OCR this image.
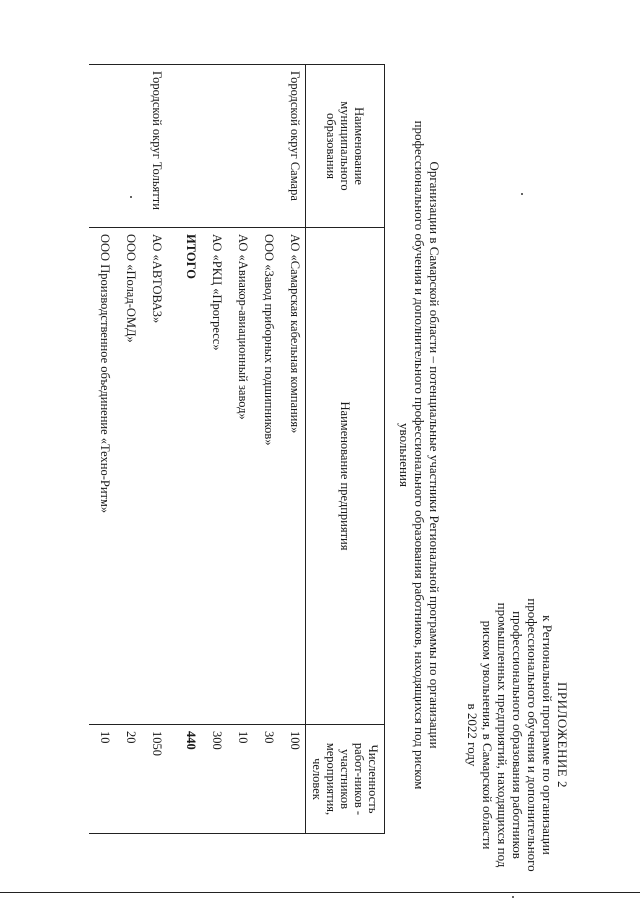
ПРИЛОЖЕНИЕ 2
к Региональной программе по организации
профессионального обучения и дополнительного
профессионального образования работников
промышленных предприятий, находящихся под
риском увольнения, в Самарской области
в 2022 году
Организации в Самарской области – потенциальные участники Региональной программы по организации
профессионального обучения и дополнительного профессионального образования работников, находящихся под риском
увольнения
Наименование муниципального образования	Наименование предприятия	Численность работ-ников - участников мероприятия, человек
Городской округ Самара	АО «Самарская кабельная компания»	100
	ООО «Завод приборных подшипников»	30
	АО «Авиакор-авиационный завод»	10
	АО «РКЦ «Прогресс»	300
	ИТОГО	440

Городской округ Тольятти	АО «АВТОВАЗ»	1050
	ООО «Полад-ОМД»	20
	ООО Производственное объединение «Техно-Ритм»	10
